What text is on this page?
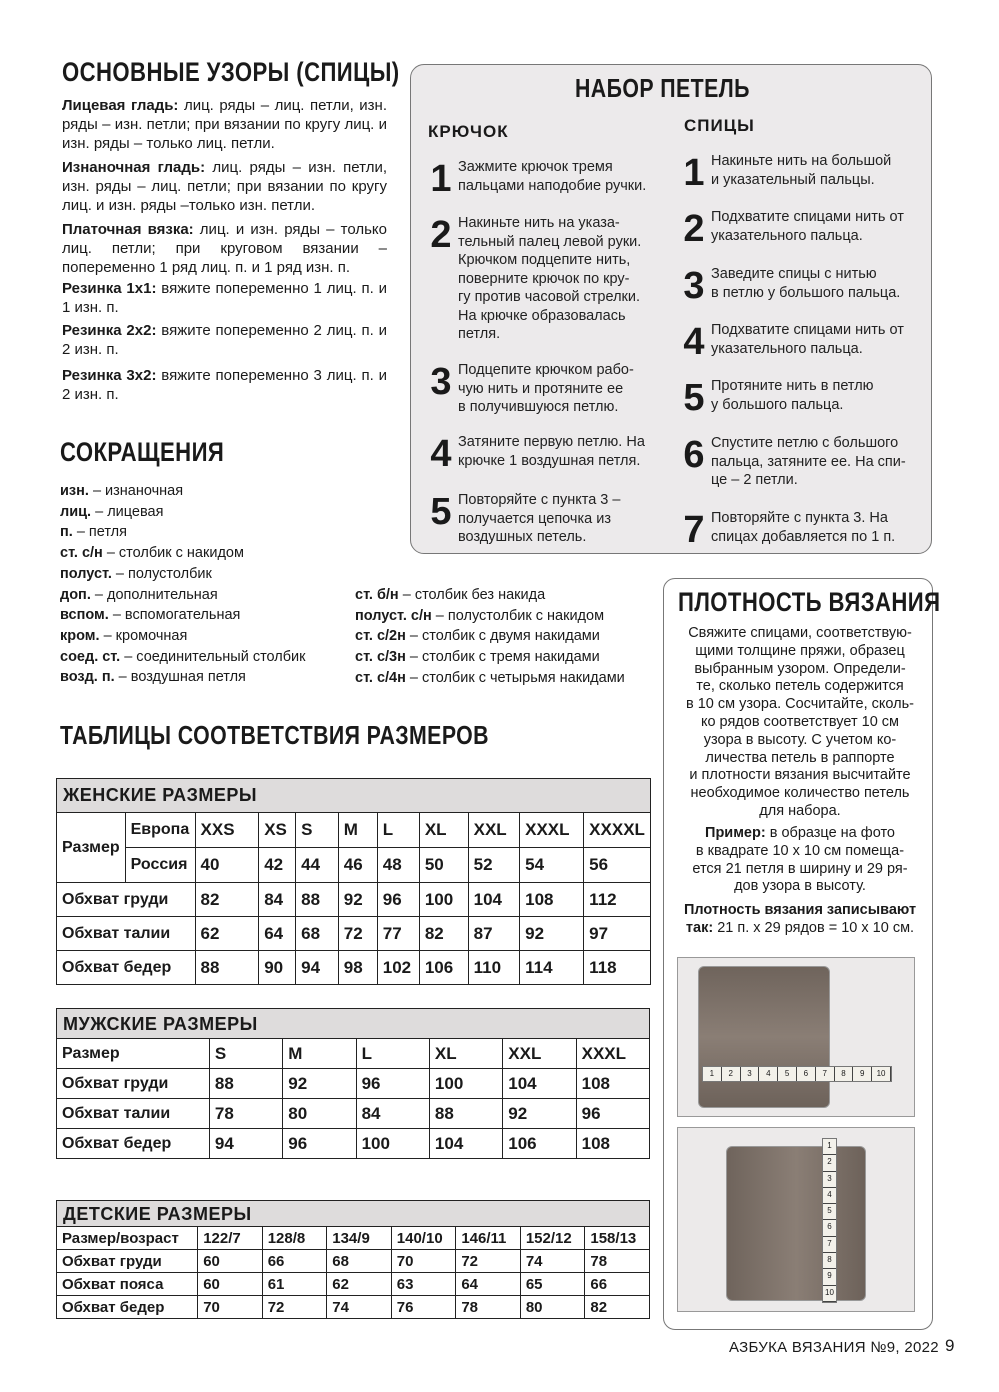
ОСНОВНЫЕ УЗОРЫ (СПИЦЫ)
Лицевая гладь: лиц. ряды – лиц. петли, изн. ряды – изн. петли; при вязании по кругу лиц. и изн. ряды – только лиц. петли.
Изнаночная гладь: лиц. ряды – изн. петли, изн. ряды – лиц. петли; при вязании по кругу лиц. и изн. ряды –только изн. петли.
Платочная вязка: лиц. и изн. ряды – только лиц. петли; при круговом вязании – попеременно 1 ряд лиц. п. и 1 ряд изн. п.
Резинка 1x1: вяжите попеременно 1 лиц. п. и 1 изн. п.
Резинка 2x2: вяжите попеременно 2 лиц. п. и 2 изн. п.
Резинка 3x2: вяжите попеременно 3 лиц. п. и 2 изн. п.
СОКРАЩЕНИЯ
изн. – изнаночная
лиц. – лицевая
п. – петля
ст. с/н – столбик с накидом
полуст. – полустолбик
доп. – дополнительная
вспом. – вспомогательная
кром. – кромочная
соед. ст. – соединительный столбик
возд. п. – воздушная петля
ст. б/н – столбик без накида
полуст. с/н – полустолбик с накидом
ст. с/2н – столбик с двумя накидами
ст. с/3н – столбик с тремя накидами
ст. с/4н – столбик с четырьмя накидами
НАБОР ПЕТЕЛЬ
КРЮЧОК	СПИЦЫ
1 Зажмите крючок тремя
пальцами наподобие ручки.
2 Накиньте нить на указа-
тельный палец левой руки.
Крючком подцепите нить,
поверните крючок по кру-
гу против часовой стрелки.
На крючке образовалась
петля.
3 Подцепите крючком рабо-
чую нить и протяните ее
в получившуюся петлю.
4 Затяните первую петлю. На
крючке 1 воздушная петля.
5 Повторяйте с пункта 3 –
получается цепочка из
воздушных петель.
1 Накиньте нить на большой
и указательный пальцы.
2 Подхватите спицами нить от
указательного пальца.
3 Заведите спицы с нитью
в петлю у большого пальца.
4 Подхватите спицами нить от
указательного пальца.
5 Протяните нить в петлю
у большого пальца.
6 Спустите петлю с большого
пальца, затяните ее. На спи-
це – 2 петли.
7 Повторяйте с пункта 3. На
спицах добавляется по 1 п.
ПЛОТНОСТЬ ВЯЗАНИЯ
Свяжите спицами, соответствую-
щими толщине пряжи, образец
выбранным узором. Определи-
те, сколько петель содержится
в 10 см узора. Сосчитайте, сколь-
ко рядов соответствует 10 см
узора в высоту. С учетом ко-
личества петель в раппорте
и плотности вязания высчитайте
необходимое количество петель
для набора.
Пример: в образце на фото
в квадрате 10 x 10 см помеща-
ется 21 петля в ширину и 29 ря-
дов узора в высоту.
Плотность вязания записывают
так: 21 п. x 29 рядов = 10 x 10 см.
1	2	3	4	5	6	7	8	9	10
1
2
3
4
5
6
7
8
9
10
ТАБЛИЦЫ СООТВЕТСТВИЯ РАЗМЕРОВ
ЖЕНСКИЕ РАЗМЕРЫ
Размер	Европа	XXS	XS	S	M	L	XL	XXL	XXXL	XXXXL
	Россия	40	42	44	46	48	50	52	54	56
Обхват груди		82	84	88	92	96	100	104	108	112
Обхват талии		62	64	68	72	77	82	87	92	97
Обхват бедер		88	90	94	98	102	106	110	114	118
МУЖСКИЕ РАЗМЕРЫ
Размер	S	M	L	XL	XXL	XXXL
Обхват груди	88	92	96	100	104	108
Обхват талии	78	80	84	88	92	96
Обхват бедер	94	96	100	104	106	108
ДЕТСКИЕ РАЗМЕРЫ
Размер/возраст	122/7	128/8	134/9	140/10	146/11	152/12	158/13
Обхват груди	60	66	68	70	72	74	78
Обхват пояса	60	61	62	63	64	65	66
Обхват бедер	70	72	74	76	78	80	82
АЗБУКА ВЯЗАНИЯ №9, 2022 9
